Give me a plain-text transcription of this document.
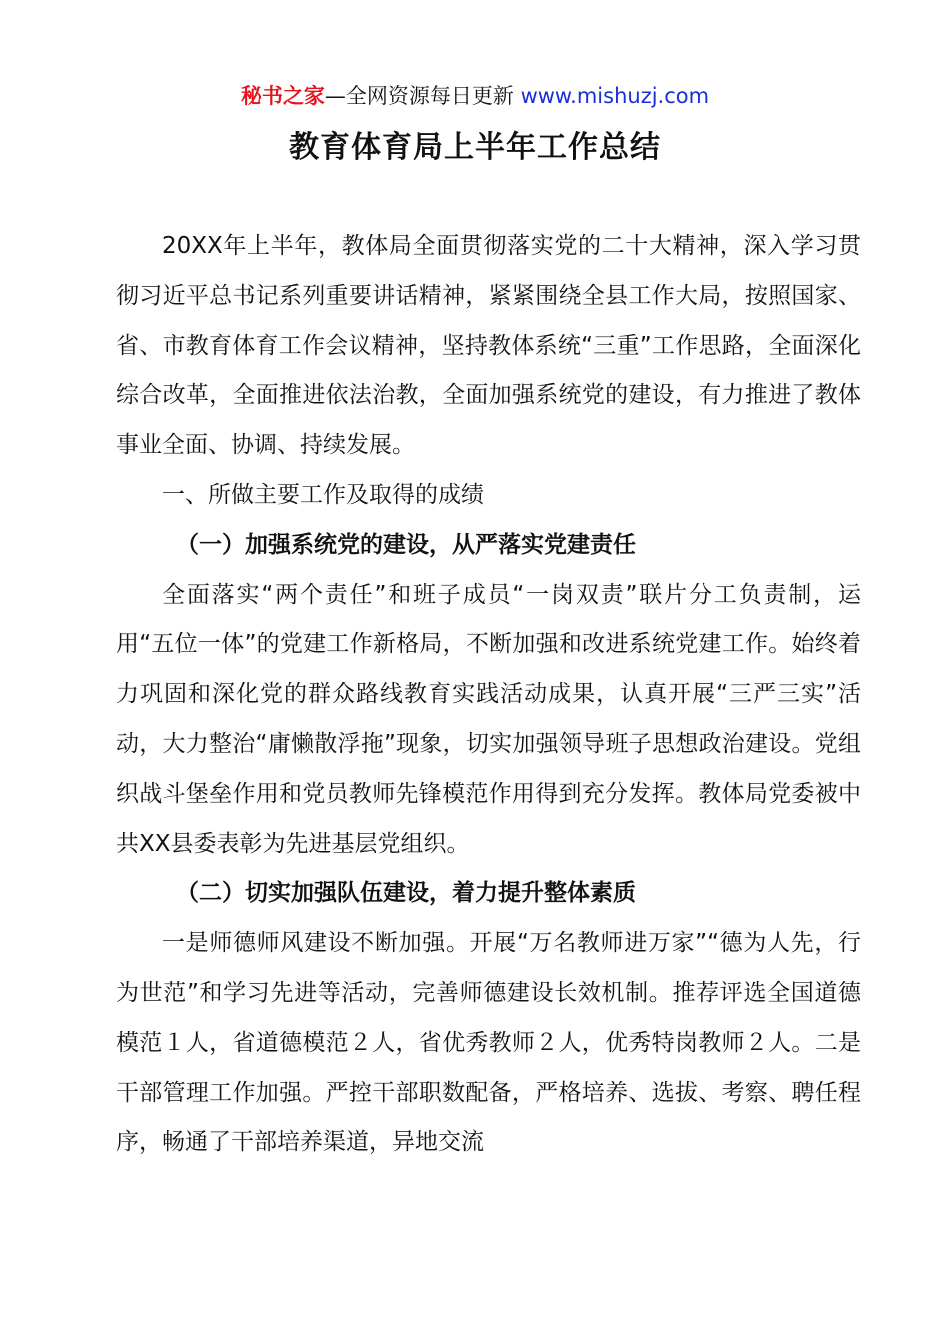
秘书之家—全网资源每日更新 www.mishuzj.com
教育体育局上半年工作总结

20XX年上半年，教体局全面贯彻落实党的二十大精神，深入学习贯彻习近平总书记系列重要讲话精神，紧紧围绕全县工作大局，按照国家、省、市教育体育工作会议精神，坚持教体系统“三重”工作思路，全面深化综合改革，全面推进依法治教，全面加强系统党的建设，有力推进了教体事业全面、协调、持续发展。

一、所做主要工作及取得的成绩

（一）加强系统党的建设，从严落实党建责任

全面落实“两个责任”和班子成员“一岗双责”联片分工负责制，运用“五位一体”的党建工作新格局，不断加强和改进系统党建工作。始终着力巩固和深化党的群众路线教育实践活动成果，认真开展“三严三实”活动，大力整治“庸懒散浮拖”现象，切实加强领导班子思想政治建设。党组织战斗堡垒作用和党员教师先锋模范作用得到充分发挥。教体局党委被中共XX县委表彰为先进基层党组织。

（二）切实加强队伍建设，着力提升整体素质

一是师德师风建设不断加强。开展“万名教师进万家”“德为人先，行为世范”和学习先进等活动，完善师德建设长效机制。推荐评选全国道德模范１人，省道德模范２人，省优秀教师２人，优秀特岗教师２人。二是干部管理工作加强。严控干部职数配备，严格培养、选拔、考察、聘任程序，畅通了干部培养渠道，异地交流
